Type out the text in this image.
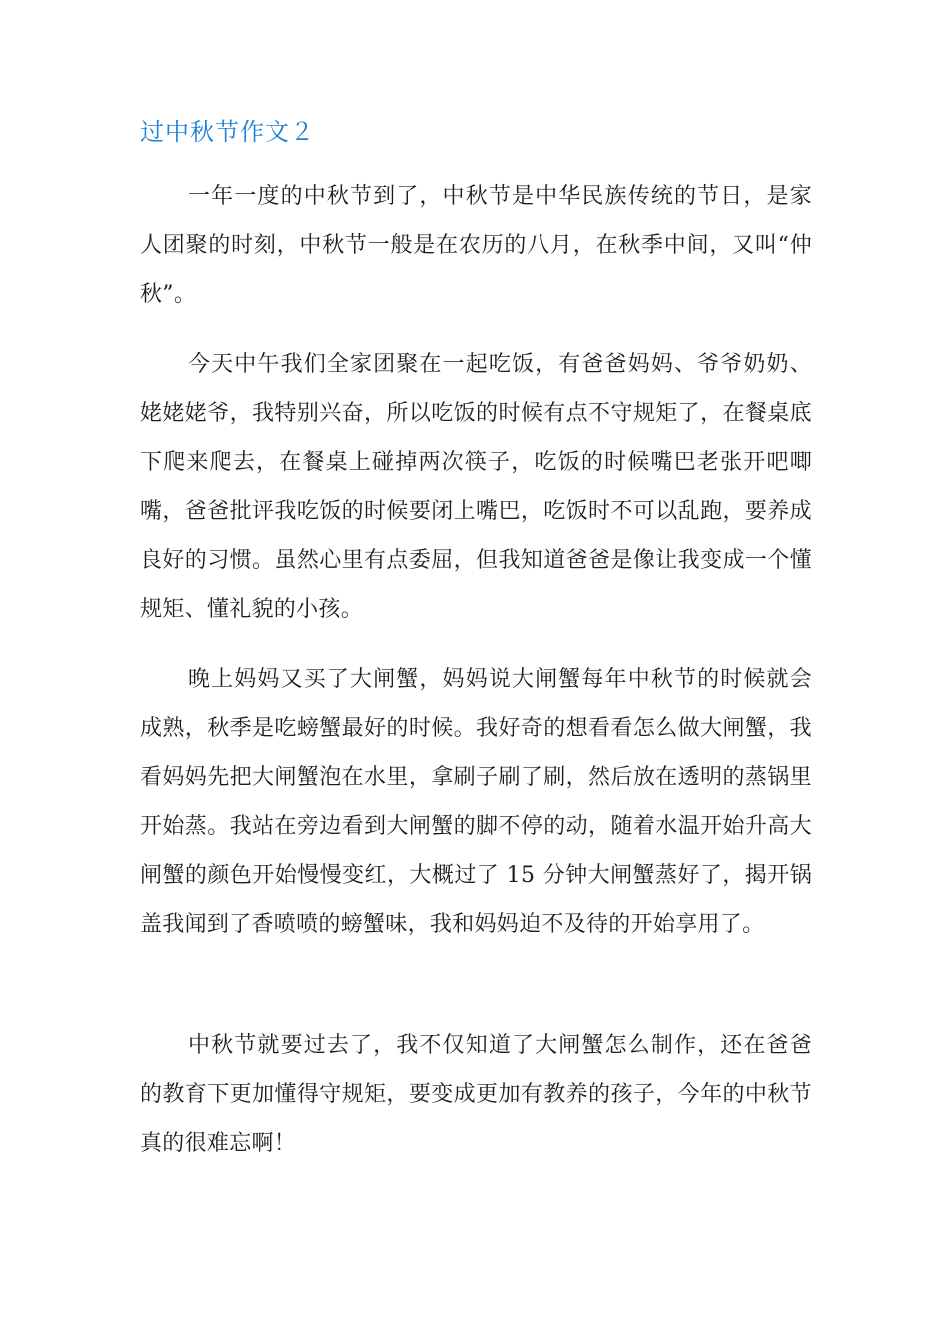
过中秋节作文２

一年一度的中秋节到了，中秋节是中华民族传统的节日，是家人团聚的时刻，中秋节一般是在农历的八月，在秋季中间，又叫“仲秋”。

今天中午我们全家团聚在一起吃饭，有爸爸妈妈、爷爷奶奶、姥姥姥爷，我特别兴奋，所以吃饭的时候有点不守规矩了，在餐桌底下爬来爬去，在餐桌上碰掉两次筷子，吃饭的时候嘴巴老张开吧唧嘴，爸爸批评我吃饭的时候要闭上嘴巴，吃饭时不可以乱跑，要养成良好的习惯。虽然心里有点委屈，但我知道爸爸是像让我变成一个懂规矩、懂礼貌的小孩。

晚上妈妈又买了大闸蟹，妈妈说大闸蟹每年中秋节的时候就会成熟，秋季是吃螃蟹最好的时候。我好奇的想看看怎么做大闸蟹，我看妈妈先把大闸蟹泡在水里，拿刷子刷了刷，然后放在透明的蒸锅里开始蒸。我站在旁边看到大闸蟹的脚不停的动，随着水温开始升高大闸蟹的颜色开始慢慢变红，大概过了 15 分钟大闸蟹蒸好了，揭开锅盖我闻到了香喷喷的螃蟹味，我和妈妈迫不及待的开始享用了。

中秋节就要过去了，我不仅知道了大闸蟹怎么制作，还在爸爸的教育下更加懂得守规矩，要变成更加有教养的孩子，今年的中秋节真的很难忘啊！
